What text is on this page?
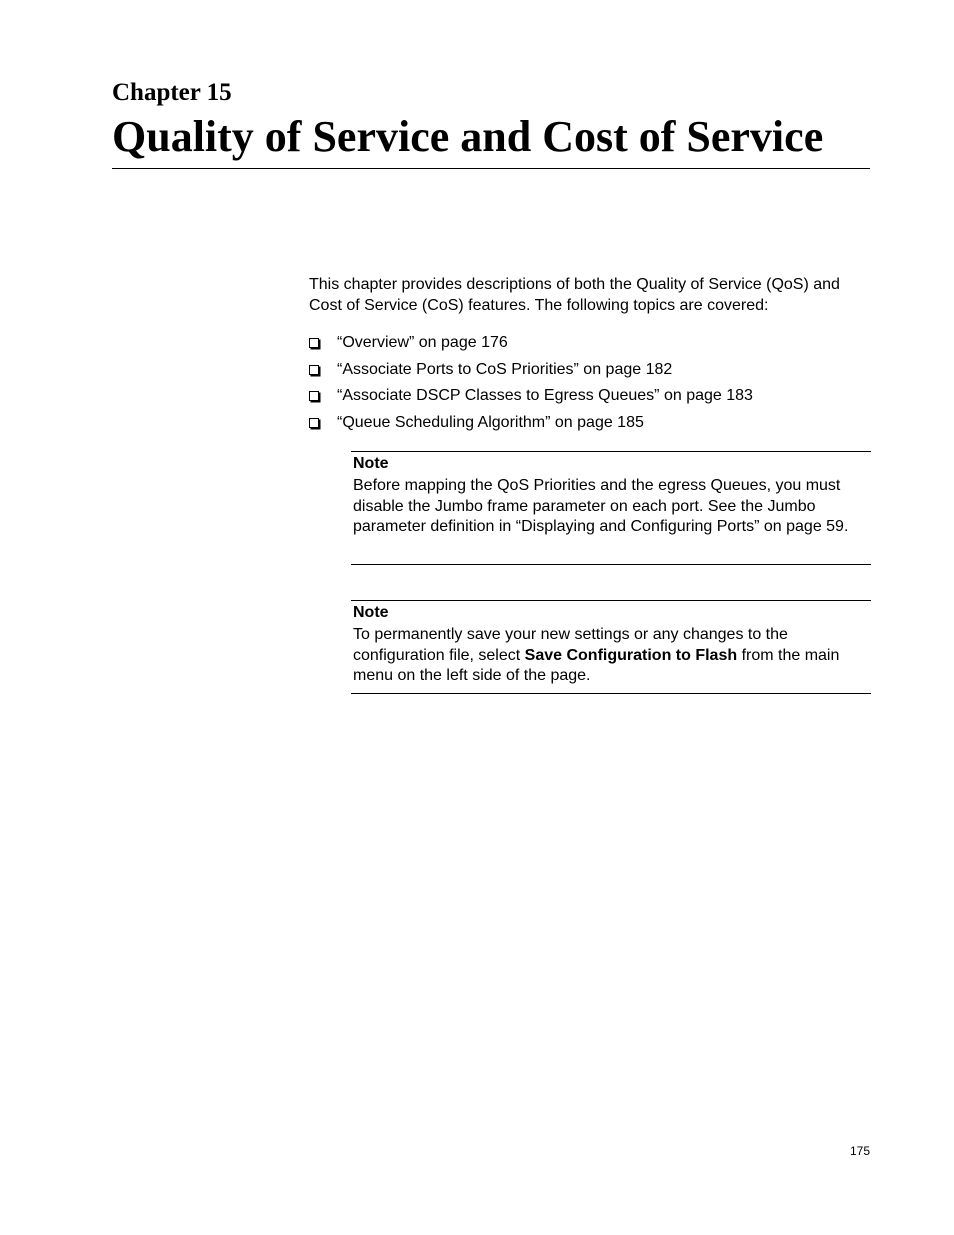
Chapter 15
Quality of Service and Cost of Service

This chapter provides descriptions of both the Quality of Service (QoS) and Cost of Service (CoS) features. The following topics are covered:

“Overview” on page 176
“Associate Ports to CoS Priorities” on page 182
“Associate DSCP Classes to Egress Queues” on page 183
“Queue Scheduling Algorithm” on page 185
Note
Before mapping the QoS Priorities and the egress Queues, you must disable the Jumbo frame parameter on each port. See the Jumbo parameter definition in “Displaying and Configuring Ports” on page 59.
Note
To permanently save your new settings or any changes to the configuration file, select Save Configuration to Flash from the main menu on the left side of the page.
175
